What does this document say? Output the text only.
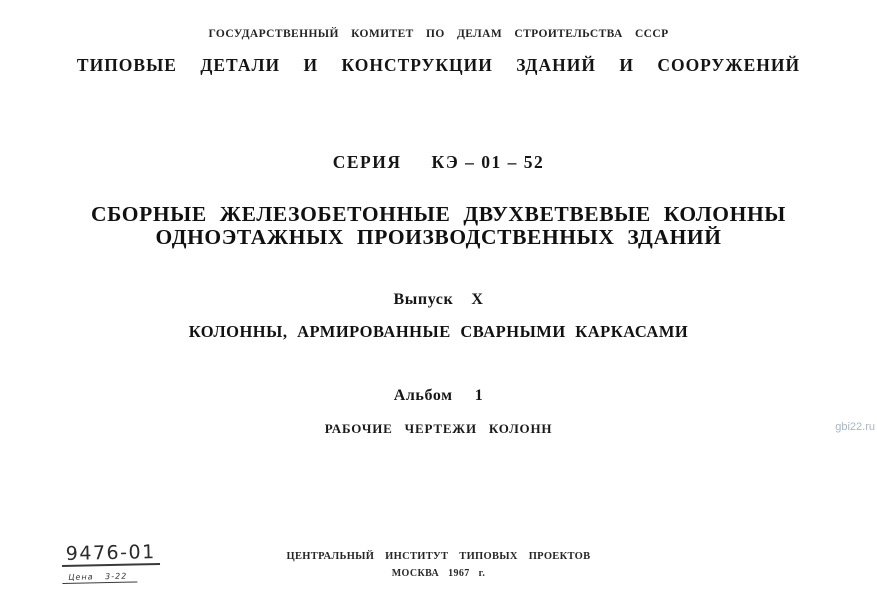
ГОСУДАРСТВЕННЫЙ КОМИТЕТ ПО ДЕЛАМ СТРОИТЕЛЬСТВА СССР
ТИПОВЫЕ ДЕТАЛИ И КОНСТРУКЦИИ ЗДАНИЙ И СООРУЖЕНИЙ
СЕРИЯ КЭ – 01 – 52
СБОРНЫЕ ЖЕЛЕЗОБЕТОННЫЕ ДВУХВЕТВЕВЫЕ КОЛОННЫ
ОДНОЭТАЖНЫХ ПРОИЗВОДСТВЕННЫХ ЗДАНИЙ
Выпуск X
КОЛОННЫ, АРМИРОВАННЫЕ СВАРНЫМИ КАРКАСАМИ
Альбом 1
РАБОЧИЕ ЧЕРТЕЖИ КОЛОНН
9476-01
Цена 3-22
ЦЕНТРАЛЬНЫЙ ИНСТИТУТ ТИПОВЫХ ПРОЕКТОВ
МОСКВА 1967 г.
gbi22.ru
